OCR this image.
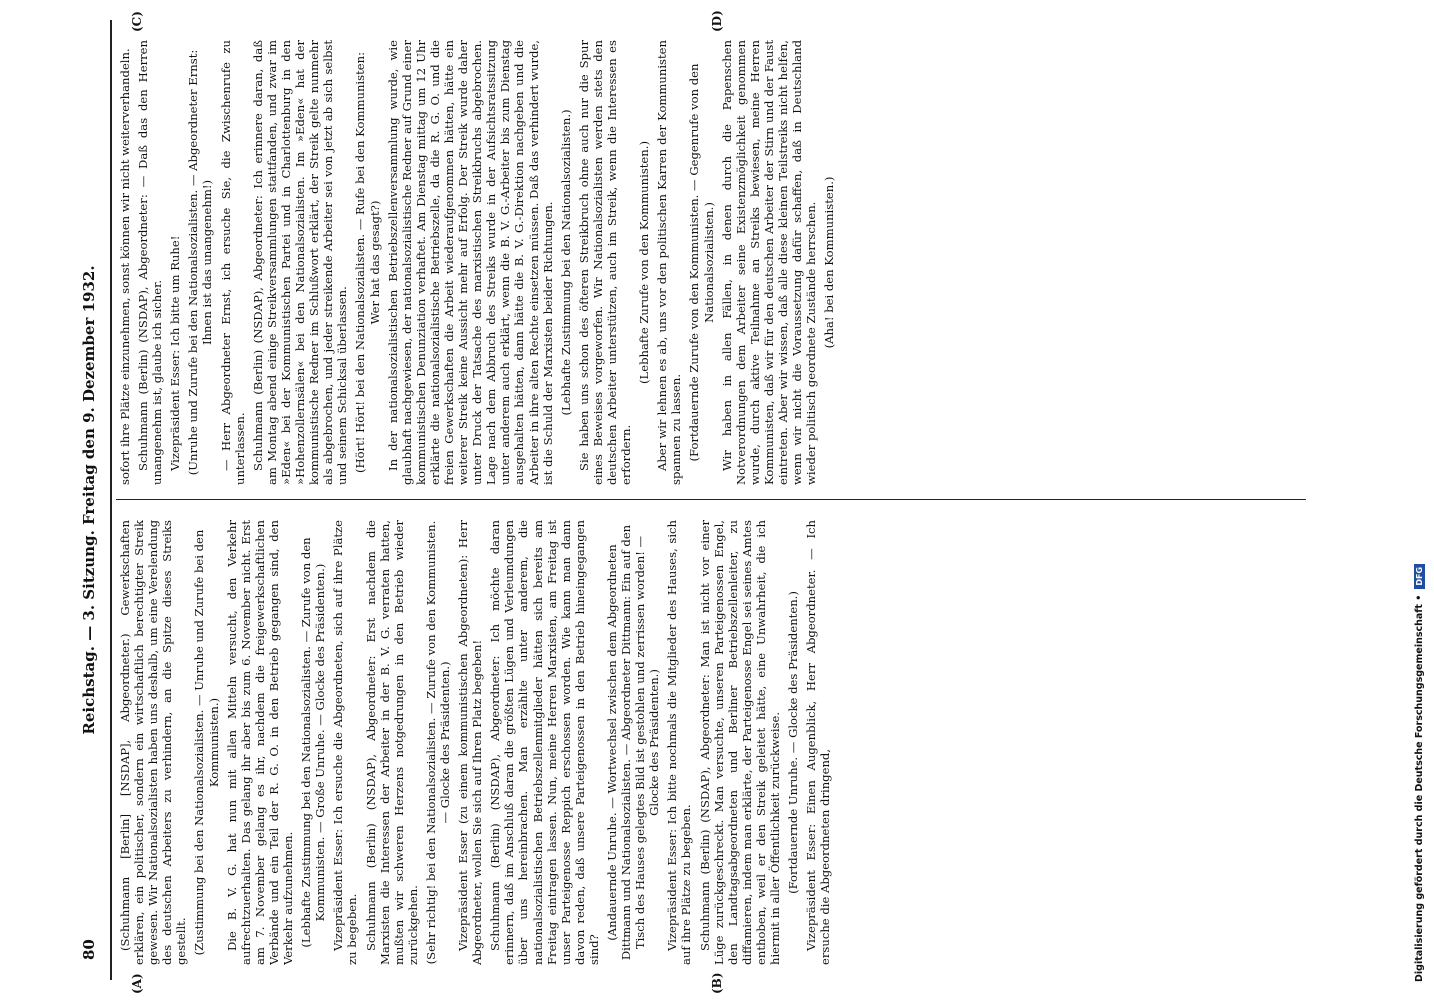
80
Reichstag. — 3. Sitzung. Freitag den 9. Dezember 1932.
(A)	(B)
(C)	(D)

(Schuhmann [Berlin] [NSDAP], Abgeordneter.) Gewerkschaften erklären, ein politischer, sondern ein wirtschaftlich berechtigter Streik gewesen. Wir Nationalsozialisten haben uns deshalb, um eine Verelendung des deutschen Arbeiters zu verhindern, an die Spitze dieses Streiks gestellt. (Zustimmung bei den Nationalsozialisten. — Unruhe und Zurufe bei den Kommunisten.) Die B. V. G. hat nun mit allen Mitteln versucht, den Verkehr aufrechtzuerhalten. Das gelang ihr aber bis zum 6. November nicht. Erst am 7. November gelang es ihr, nachdem die freigewerkschaftlichen Verbände und ein Teil der R. G. O. in den Betrieb gegangen sind, den Verkehr aufzunehmen. (Lebhafte Zustimmung bei den Nationalsozialisten. — Zurufe von den Kommunisten. — Große Unruhe. — Glocke des Präsidenten.) Vizepräsident Esser: Ich ersuche die Abgeordneten, sich auf ihre Plätze zu begeben. Schuhmann (Berlin) (NSDAP), Abgeordneter: Erst nachdem die Marxisten die Interessen der Arbeiter in der B. V. G. verraten hatten, mußten wir schweren Herzens notgedrungen in den Betrieb wieder zurückgehen. (Sehr richtig! bei den Nationalsozialisten. — Zurufe von den Kommunisten. — Glocke des Präsidenten.) Vizepräsident Esser (zu einem kommunistischen Abgeordneten): Herr Abgeordneter, wollen Sie sich auf Ihren Platz begeben! Schuhmann (Berlin) (NSDAP), Abgeordneter: Ich möchte daran erinnern, daß im Anschluß daran die größten Lügen und Verleumdungen über uns hereinbrachen. Man erzählte unter anderem, die nationalsozialistischen Betriebszellenmitglieder hätten sich bereits am Freitag eintragen lassen. Nun, meine Herren Marxisten, am Freitag ist unser Parteigenosse Reppich erschossen worden. Wie kann man dann davon reden, daß unsere Parteigenossen in den Betrieb hineingegangen sind?

(Andauernde Unruhe. — Wortwechsel zwischen dem Abgeordneten Dittmann und Nationalsozialisten. — Abgeordneter Dittmann: Ein auf den Tisch des Hauses gelegtes Bild ist gestohlen und zerrissen worden! — Glocke des Präsidenten.) Vizepräsident Esser: Ich bitte nochmals die Mitglieder des Hauses, sich auf ihre Plätze zu begeben. Schuhmann (Berlin) (NSDAP), Abgeordneter: Man ist nicht vor einer Lüge zurückgeschreckt. Man versuchte, unseren Parteigenossen Engel, den Landtagsabgeordneten und Berliner Betriebszellenleiter, zu diffamieren, indem man erklärte, der Parteigenosse Engel sei seines Amtes enthoben, weil er den Streik geleitet hätte, eine Unwahrheit, die ich hiermit in aller Öffentlichkeit zurückweise. (Fortdauernde Unruhe. — Glocke des Präsidenten.) Vizepräsident Esser: Einen Augenblick, Herr Abgeordneter. — Ich ersuche die Abgeordneten dringend,

sofort ihre Plätze einzunehmen, sonst können wir nicht weiterverhandeln. Schuhmann (Berlin) (NSDAP), Abgeordneter: — Daß das den Herren unangenehm ist, glaube ich sicher. Vizepräsident Esser: Ich bitte um Ruhe! (Unruhe und Zurufe bei den Nationalsozialisten. — Abgeordneter Ernst: Ihnen ist das unangenehm!) — Herr Abgeordneter Ernst, ich ersuche Sie, die Zwischenrufe zu unterlassen. Schuhmann (Berlin) (NSDAP), Abgeordneter: Ich erinnere daran, daß am Montag abend einige Streikversammlungen stattfanden, und zwar im »Eden« bei der Kommunistischen Partei und in Charlottenburg in den »Hohenzollernsälen« bei den Nationalsozialisten. Im »Eden« hat der kommunistische Redner im Schlußwort erklärt, der Streik gelte nunmehr als abgebrochen, und jeder streikende Arbeiter sei von jetzt ab sich selbst und seinem Schicksal überlassen. (Hört! Hört! bei den Nationalsozialisten. — Rufe bei den Kommunisten: Wer hat das gesagt?) In der nationalsozialistischen Betriebszellenversammlung wurde, wie glaubhaft nachgewiesen, der nationalsozialistische Redner auf Grund einer kommunistischen Denunziation verhaftet. Am Dienstag mittag um 12 Uhr erklärte die nationalsozialistische Betriebszelle, da die R. G. O. und die freien Gewerkschaften die Arbeit wiederaufgenommen hätten, hätte ein weiterer Streik keine Aussicht mehr auf Erfolg. Der Streik wurde daher unter Druck der Tatsache des marxistischen Streikbruchs abgebrochen. Lage nach dem Abbruch des Streiks wurde in der Aufsichtsratssitzung unter anderem auch erklärt, wenn die B. V. G.-Arbeiter bis zum Dienstag ausgehalten hätten, dann hätte die B. V. G.-Direktion nachgeben und die Arbeiter in ihre alten Rechte einsetzen müssen. Daß das verhindert wurde, ist die Schuld der Marxisten beider Richtungen. (Lebhafte Zustimmung bei den Nationalsozialisten.) Sie haben uns schon des öfteren Streikbruch ohne auch nur die Spur eines Beweises vorgeworfen. Wir Nationalsozialisten werden stets den deutschen Arbeiter unterstützen, auch im Streik, wenn die Interessen es erfordern.

(Lebhafte Zurufe von den Kommunisten.) Aber wir lehnen es ab, uns vor den politischen Karren der Kommunisten spannen zu lassen. (Fortdauernde Zurufe von den Kommunisten. — Gegenrufe von den Nationalsozialisten.) Wir haben in allen Fällen, in denen durch die Papenschen Notverordnungen dem Arbeiter seine Existenzmöglichkeit genommen wurde, durch aktive Teilnahme an Streiks bewiesen, meine Herren Kommunisten, daß wir für den deutschen Arbeiter der Stirn und der Faust eintreten. Aber wir wissen, daß alle diese kleinen Teilstreiks nicht helfen, wenn wir nicht die Voraussetzung dafür schaffen, daß in Deutschland wieder politisch geordnete Zustände herrschen. (Aha! bei den Kommunisten.)

Digitalisierung gefördert durch die Deutsche Forschungsgemeinschaft •
DFG
